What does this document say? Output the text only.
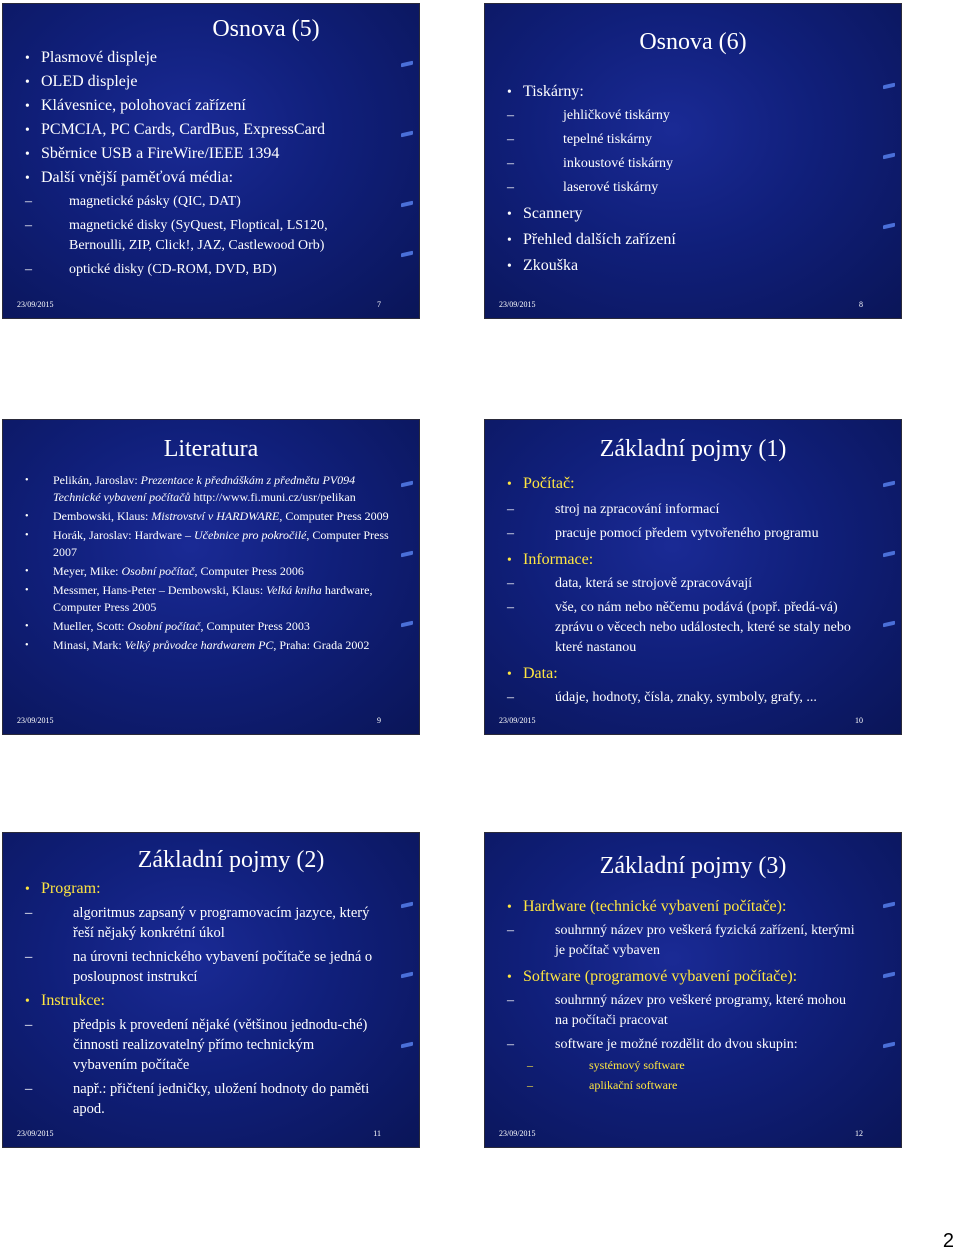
Osnova (5)

• Plasmové displeje

• OLED displeje

• Klávesnice, polohovací zařízení

• PCMCIA, PC Cards, CardBus, ExpressCard

• Sběrnice USB a FireWire/IEEE 1394

• Další vnější paměťová média:

– magnetické pásky (QIC, DAT)

– magnetické disky (SyQuest, Floptical, LS120, Bernoulli, ZIP, Click!, JAZ, Castlewood Orb)

– optické disky (CD-ROM, DVD, BD)

23/09/2015	7
Osnova (6)

• Tiskárny:

– jehličkové tiskárny

– tepelné tiskárny

– inkoustové tiskárny

– laserové tiskárny

• Scannery

• Přehled dalších zařízení

• Zkouška

23/09/2015	8
Literatura

• Pelikán, Jaroslav: Prezentace k přednáškám z předmětu PV094 Technické vybavení počítačů http://www.fi.muni.cz/usr/pelikan

• Dembowski, Klaus: Mistrovství v HARDWARE, Computer Press 2009

• Horák, Jaroslav: Hardware – Učebnice pro pokročilé, Computer Press 2007

• Meyer, Mike: Osobní počítač, Computer Press 2006

• Messmer, Hans-Peter – Dembowski, Klaus: Velká kniha hardware, Computer Press 2005

• Mueller, Scott: Osobní počítač, Computer Press 2003

• Minasi, Mark: Velký průvodce hardwarem PC, Praha: Grada 2002

23/09/2015	9
Základní pojmy (1)

• Počítač:

– stroj na zpracování informací

– pracuje pomocí předem vytvořeného programu

• Informace:

– data, která se strojově zpracovávají

– vše, co nám nebo něčemu podává (popř. předá-vá) zprávu o věcech nebo událostech, které se staly nebo které nastanou

• Data:

– údaje, hodnoty, čísla, znaky, symboly, grafy, ...

23/09/2015	10
Základní pojmy (2)

• Program:

– algoritmus zapsaný v programovacím jazyce, který řeší nějaký konkrétní úkol

– na úrovni technického vybavení počítače se jedná o posloupnost instrukcí

• Instrukce:

– předpis k provedení nějaké (většinou jednodu-ché) činnosti realizovatelný přímo technickým vybavením počítače

– např.: přičtení jedničky, uložení hodnoty do paměti apod.

23/09/2015	11
Základní pojmy (3)

• Hardware (technické vybavení počítače):

– souhrnný název pro veškerá fyzická zařízení, kterými je počítač vybaven

• Software (programové vybavení počítače):

– souhrnný název pro veškeré programy, které mohou na počítači pracovat

– software je možné rozdělit do dvou skupin:

– systémový software

– aplikační software

23/09/2015	12
2
